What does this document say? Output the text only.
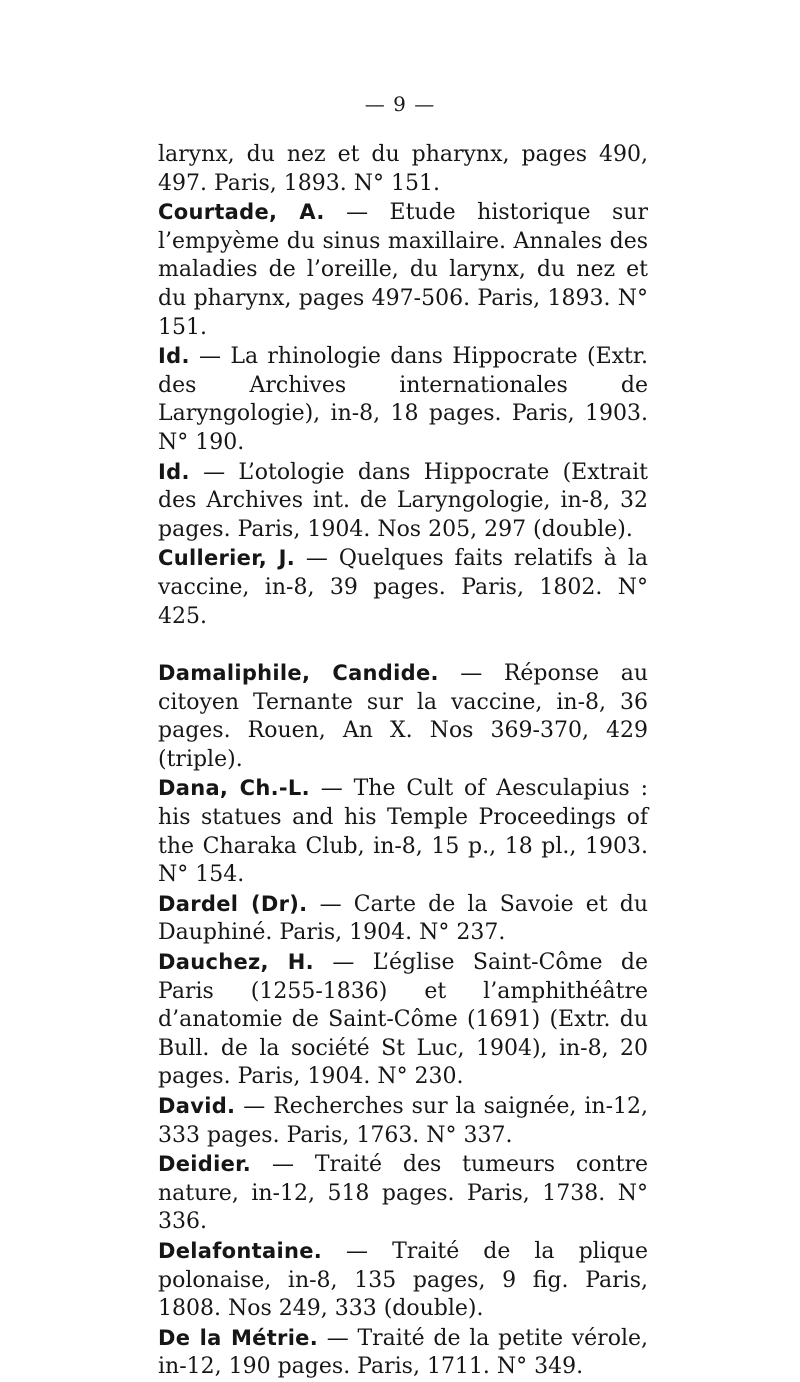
— 9 —

larynx, du nez et du pharynx, pages 490, 497. Paris, 1893. N° 151.

Courtade, A. — Etude historique sur l’empyème du sinus maxillaire. Annales des maladies de l’oreille, du larynx, du nez et du pharynx, pages 497-506. Paris, 1893. N° 151.

Id. — La rhinologie dans Hippocrate (Extr. des Archives internationales de Laryngologie), in-8, 18 pages. Paris, 1903. N° 190.

Id. — L’otologie dans Hippocrate (Extrait des Archives int. de Laryngologie, in-8, 32 pages. Paris, 1904. Nos 205, 297 (double).

Cullerier, J. — Quelques faits relatifs à la vaccine, in-8, 39 pages. Paris, 1802. N° 425.

Damaliphile, Candide. — Réponse au citoyen Ternante sur la vaccine, in-8, 36 pages. Rouen, An X. Nos 369-370, 429 (triple).

Dana, Ch.-L. — The Cult of Aesculapius : his statues and his Temple Proceedings of the Charaka Club, in-8, 15 p., 18 pl., 1903. N° 154.

Dardel (Dr). — Carte de la Savoie et du Dauphiné. Paris, 1904. N° 237.

Dauchez, H. — L’église Saint-Côme de Paris (1255-1836) et l’amphithéâtre d’anatomie de Saint-Côme (1691) (Extr. du Bull. de la société St Luc, 1904), in-8, 20 pages. Paris, 1904. N° 230.

David. — Recherches sur la saignée, in-12, 333 pages. Paris, 1763. N° 337.

Deidier. — Traité des tumeurs contre nature, in-12, 518 pages. Paris, 1738. N° 336.

Delafontaine. — Traité de la plique polonaise, in-8, 135 pages, 9 fig. Paris, 1808. Nos 249, 333 (double).

De la Métrie. — Traité de la petite vérole, in-12, 190 pages. Paris, 1711. N° 349.
